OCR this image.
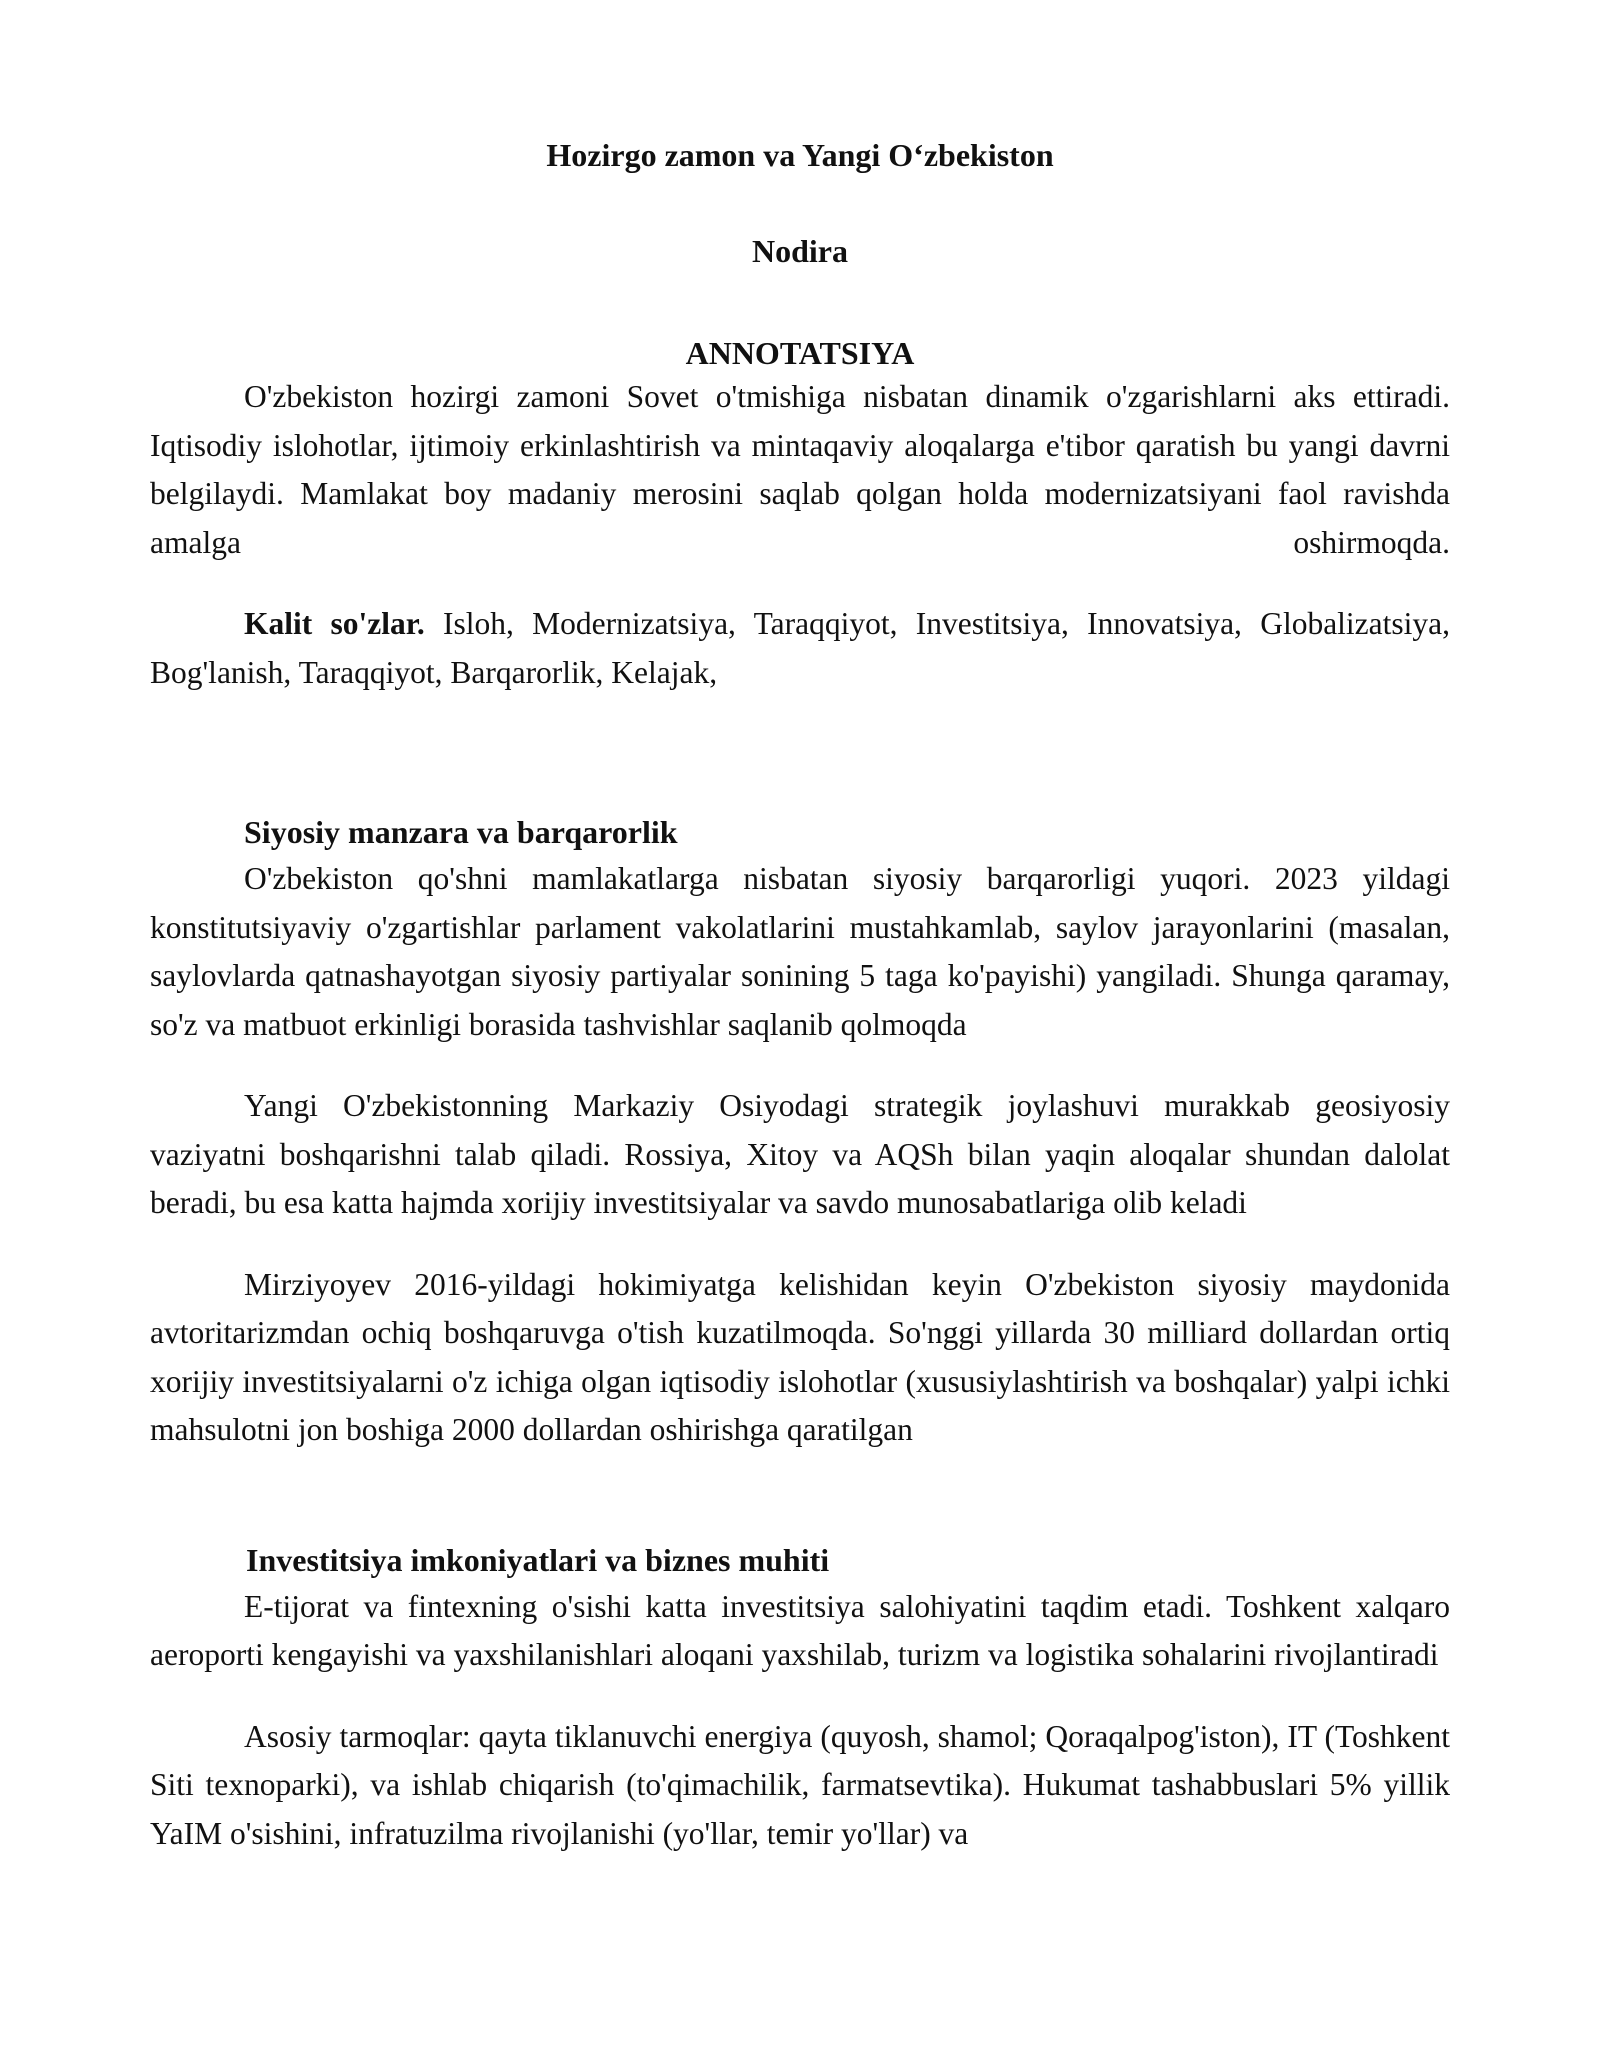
Hozirgo zamon va Yangi O‘zbekiston
Nodira
ANNOTATSIYA

O'zbekiston hozirgi zamoni Sovet o'tmishiga nisbatan dinamik o'zgarishlarni aks ettiradi. Iqtisodiy islohotlar, ijtimoiy erkinlashtirish va mintaqaviy aloqalarga e'tibor qaratish bu yangi davrni belgilaydi. Mamlakat boy madaniy merosini saqlab qolgan holda modernizatsiyani faol ravishda amalga oshirmoqda.

Kalit so'zlar. Isloh, Modernizatsiya, Taraqqiyot, Investitsiya, Innovatsiya, Globalizatsiya, Bog'lanish, Taraqqiyot, Barqarorlik, Kelajak,

Siyosiy manzara va barqarorlik

O'zbekiston qo'shni mamlakatlarga nisbatan siyosiy barqarorligi yuqori. 2023 yildagi konstitutsiyaviy o'zgartishlar parlament vakolatlarini mustahkamlab, saylov jarayonlarini (masalan, saylovlarda qatnashayotgan siyosiy partiyalar sonining 5 taga ko'payishi) yangiladi. Shunga qaramay, so'z va matbuot erkinligi borasida tashvishlar saqlanib qolmoqda

Yangi O'zbekistonning Markaziy Osiyodagi strategik joylashuvi murakkab geosiyosiy vaziyatni boshqarishni talab qiladi. Rossiya, Xitoy va AQSh bilan yaqin aloqalar shundan dalolat beradi, bu esa katta hajmda xorijiy investitsiyalar va savdo munosabatlariga olib keladi

Mirziyoyev 2016-yildagi hokimiyatga kelishidan keyin O'zbekiston siyosiy maydonida avtoritarizmdan ochiq boshqaruvga o'tish kuzatilmoqda. So'nggi yillarda 30 milliard dollardan ortiq xorijiy investitsiyalarni o'z ichiga olgan iqtisodiy islohotlar (xususiylashtirish va boshqalar) yalpi ichki mahsulotni jon boshiga 2000 dollardan oshirishga qaratilgan

Investitsiya imkoniyatlari va biznes muhiti

E-tijorat va fintexning o'sishi katta investitsiya salohiyatini taqdim etadi. Toshkent xalqaro aeroporti kengayishi va yaxshilanishlari aloqani yaxshilab, turizm va logistika sohalarini rivojlantiradi

Asosiy tarmoqlar: qayta tiklanuvchi energiya (quyosh, shamol; Qoraqalpog'iston), IT (Toshkent Siti texnoparki), va ishlab chiqarish (to'qimachilik, farmatsevtika). Hukumat tashabbuslari 5% yillik YaIM o'sishini, infratuzilma rivojlanishi (yo'llar, temir yo'llar) va
